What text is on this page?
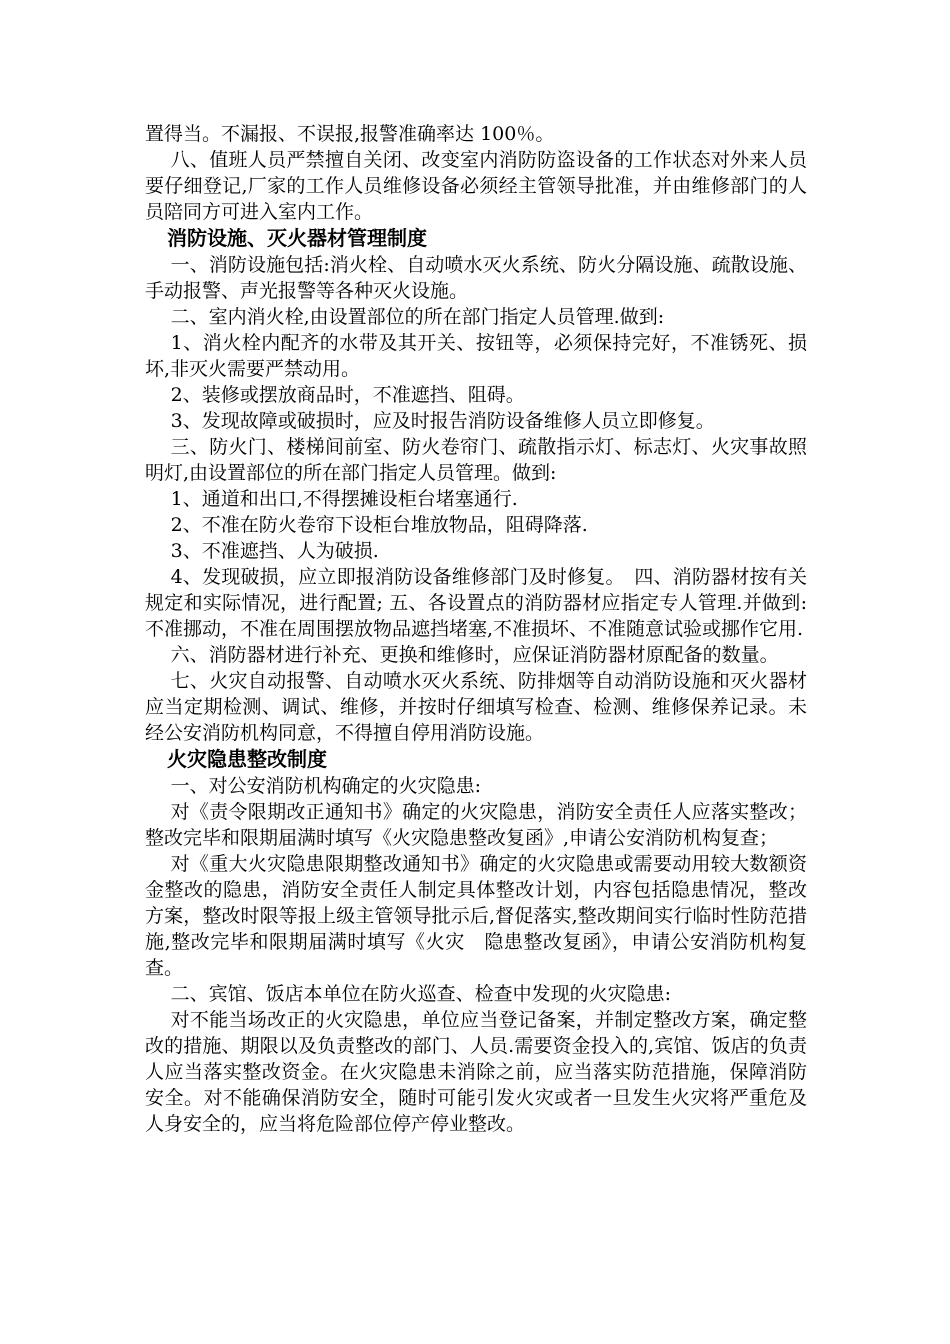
置得当。不漏报、不误报,报警准确率达 100％。

八、值班人员严禁擅自关闭、改变室内消防防盗设备的工作状态对外来人员要仔细登记,厂家的工作人员维修设备必须经主管领导批准，并由维修部门的人员陪同方可进入室内工作。

消防设施、灭火器材管理制度

一、消防设施包括:消火栓、自动喷水灭火系统、防火分隔设施、疏散设施、手动报警、声光报警等各种灭火设施。

二、室内消火栓,由设置部位的所在部门指定人员管理.做到:

1、消火栓内配齐的水带及其开关、按钮等，必须保持完好，不准锈死、损坏,非灭火需要严禁动用。

2、装修或摆放商品时，不准遮挡、阻碍。

3、发现故障或破损时，应及时报告消防设备维修人员立即修复。

三、防火门、楼梯间前室、防火卷帘门、疏散指示灯、标志灯、火灾事故照明灯,由设置部位的所在部门指定人员管理。做到:

1、通道和出口,不得摆摊设柜台堵塞通行.

2、不准在防火卷帘下设柜台堆放物品，阻碍降落.

3、不准遮挡、人为破损.

4、发现破损，应立即报消防设备维修部门及时修复。　四、消防器材按有关规定和实际情况，进行配置; 五、各设置点的消防器材应指定专人管理.并做到:不准挪动，不准在周围摆放物品遮挡堵塞,不准损坏、不准随意试验或挪作它用.

六、消防器材进行补充、更换和维修时，应保证消防器材原配备的数量。

七、火灾自动报警、自动喷水灭火系统、防排烟等自动消防设施和灭火器材应当定期检测、调试、维修，并按时仔细填写检查、检测、维修保养记录。未经公安消防机构同意，不得擅自停用消防设施。

火灾隐患整改制度

一、对公安消防机构确定的火灾隐患:

对《责令限期改正通知书》确定的火灾隐患，消防安全责任人应落实整改；整改完毕和限期届满时填写《火灾隐患整改复函》,申请公安消防机构复查；

对《重大火灾隐患限期整改通知书》确定的火灾隐患或需要动用较大数额资金整改的隐患，消防安全责任人制定具体整改计划，内容包括隐患情况，整改方案，整改时限等报上级主管领导批示后,督促落实,整改期间实行临时性防范措施,整改完毕和限期届满时填写《火灾　隐患整改复函》，申请公安消防机构复查。

二、宾馆、饭店本单位在防火巡查、检查中发现的火灾隐患:

对不能当场改正的火灾隐患，单位应当登记备案，并制定整改方案，确定整改的措施、期限以及负责整改的部门、人员.需要资金投入的,宾馆、饭店的负责人应当落实整改资金。在火灾隐患未消除之前，应当落实防范措施，保障消防安全。对不能确保消防安全，随时可能引发火灾或者一旦发生火灾将严重危及人身安全的，应当将危险部位停产停业整改。
